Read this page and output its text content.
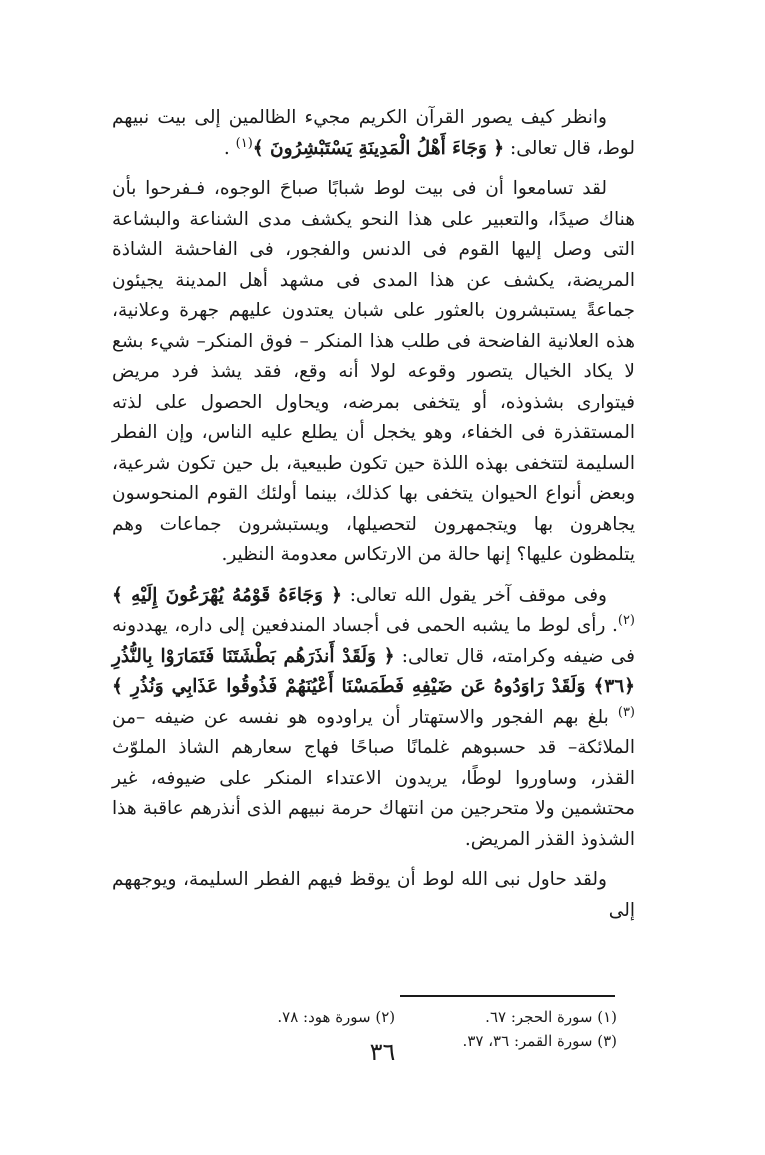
وانظر كيف يصور القرآن الكريم مجيء الظالمين إلى بيت نبيهم لوط، قال تعالى: ﴿ وَجَاءَ أَهْلُ الْمَدِينَةِ يَسْتَبْشِرُونَ ﴾$^{(١)}$ .

لقد تسامعوا أن فى بيت لوط شبابًا صباحَ الوجوه، فـفرحوا بأن هناك صيدًا، والتعبير على هذا النحو يكشف مدى الشناعة والبشاعة التى وصل إليها القوم فى الدنس والفجور، فى الفاحشة الشاذة المريضة، يكشف عن هذا المدى فى مشهد أهل المدينة يجيئون جماعةً يستبشرون بالعثور على شبان يعتدون عليهم جهرة وعلانية، هذه العلانية الفاضحة فى طلب هذا المنكر – فوق المنكر– شيء بشع لا يكاد الخيال يتصور وقوعه لولا أنه وقع، فقد يشذ فرد مريض فيتوارى بشذوذه، أو يتخفى بمرضه، ويحاول الحصول على لذته المستقذرة فى الخفاء، وهو يخجل أن يطلع عليه الناس، وإن الفطر السليمة لتتخفى بهذه اللذة حين تكون طبيعية، بل حين تكون شرعية، وبعض أنواع الحيوان يتخفى بها كذلك، بينما أولئك القوم المنحوسون يجاهرون بها ويتجمهرون لتحصيلها، ويستبشرون جماعات وهم يتلمظون عليها؟ إنها حالة من الارتكاس معدومة النظير.

وفى موقف آخر يقول الله تعالى: ﴿ وَجَاءَهُ قَوْمُهُ يُهْرَعُونَ إِلَيْهِ ﴾$^{(٢)}$. رأى لوط ما يشبه الحمى فى أجساد المندفعين إلى داره، يهددونه فى ضيفه وكرامته، قال تعالى: ﴿ وَلَقَدْ أَنذَرَهُم بَطْشَتَنَا فَتَمَارَوْا بِالنُّذُرِ ﴿٣٦﴾ وَلَقَدْ رَاوَدُوهُ عَن ضَيْفِهِ فَطَمَسْنَا أَعْيُنَهُمْ فَذُوقُوا عَذَابِي وَنُذُرِ ﴾$^{(٣)}$ بلغ بهم الفجور والاستهتار أن يراودوه هو نفسه عن ضيفه –من الملائكة– قد حسبوهم غلمانًا صباحًا فهاج سعارهم الشاذ الملوّث القذر، وساوروا لوطًا، يريدون الاعتداء المنكر على ضيوفه، غير محتشمين ولا متحرجين من انتهاك حرمة نبيهم الذى أنذرهم عاقبة هذا الشذوذ القذر المريض.

ولقد حاول نبى الله لوط أن يوقظ فيهم الفطر السليمة، ويوجههم إلى

(١) سورة الحجر: ٦٧.
(٢) سورة هود: ٧٨.
(٣) سورة القمر: ٣٦، ٣٧.
٣٦
